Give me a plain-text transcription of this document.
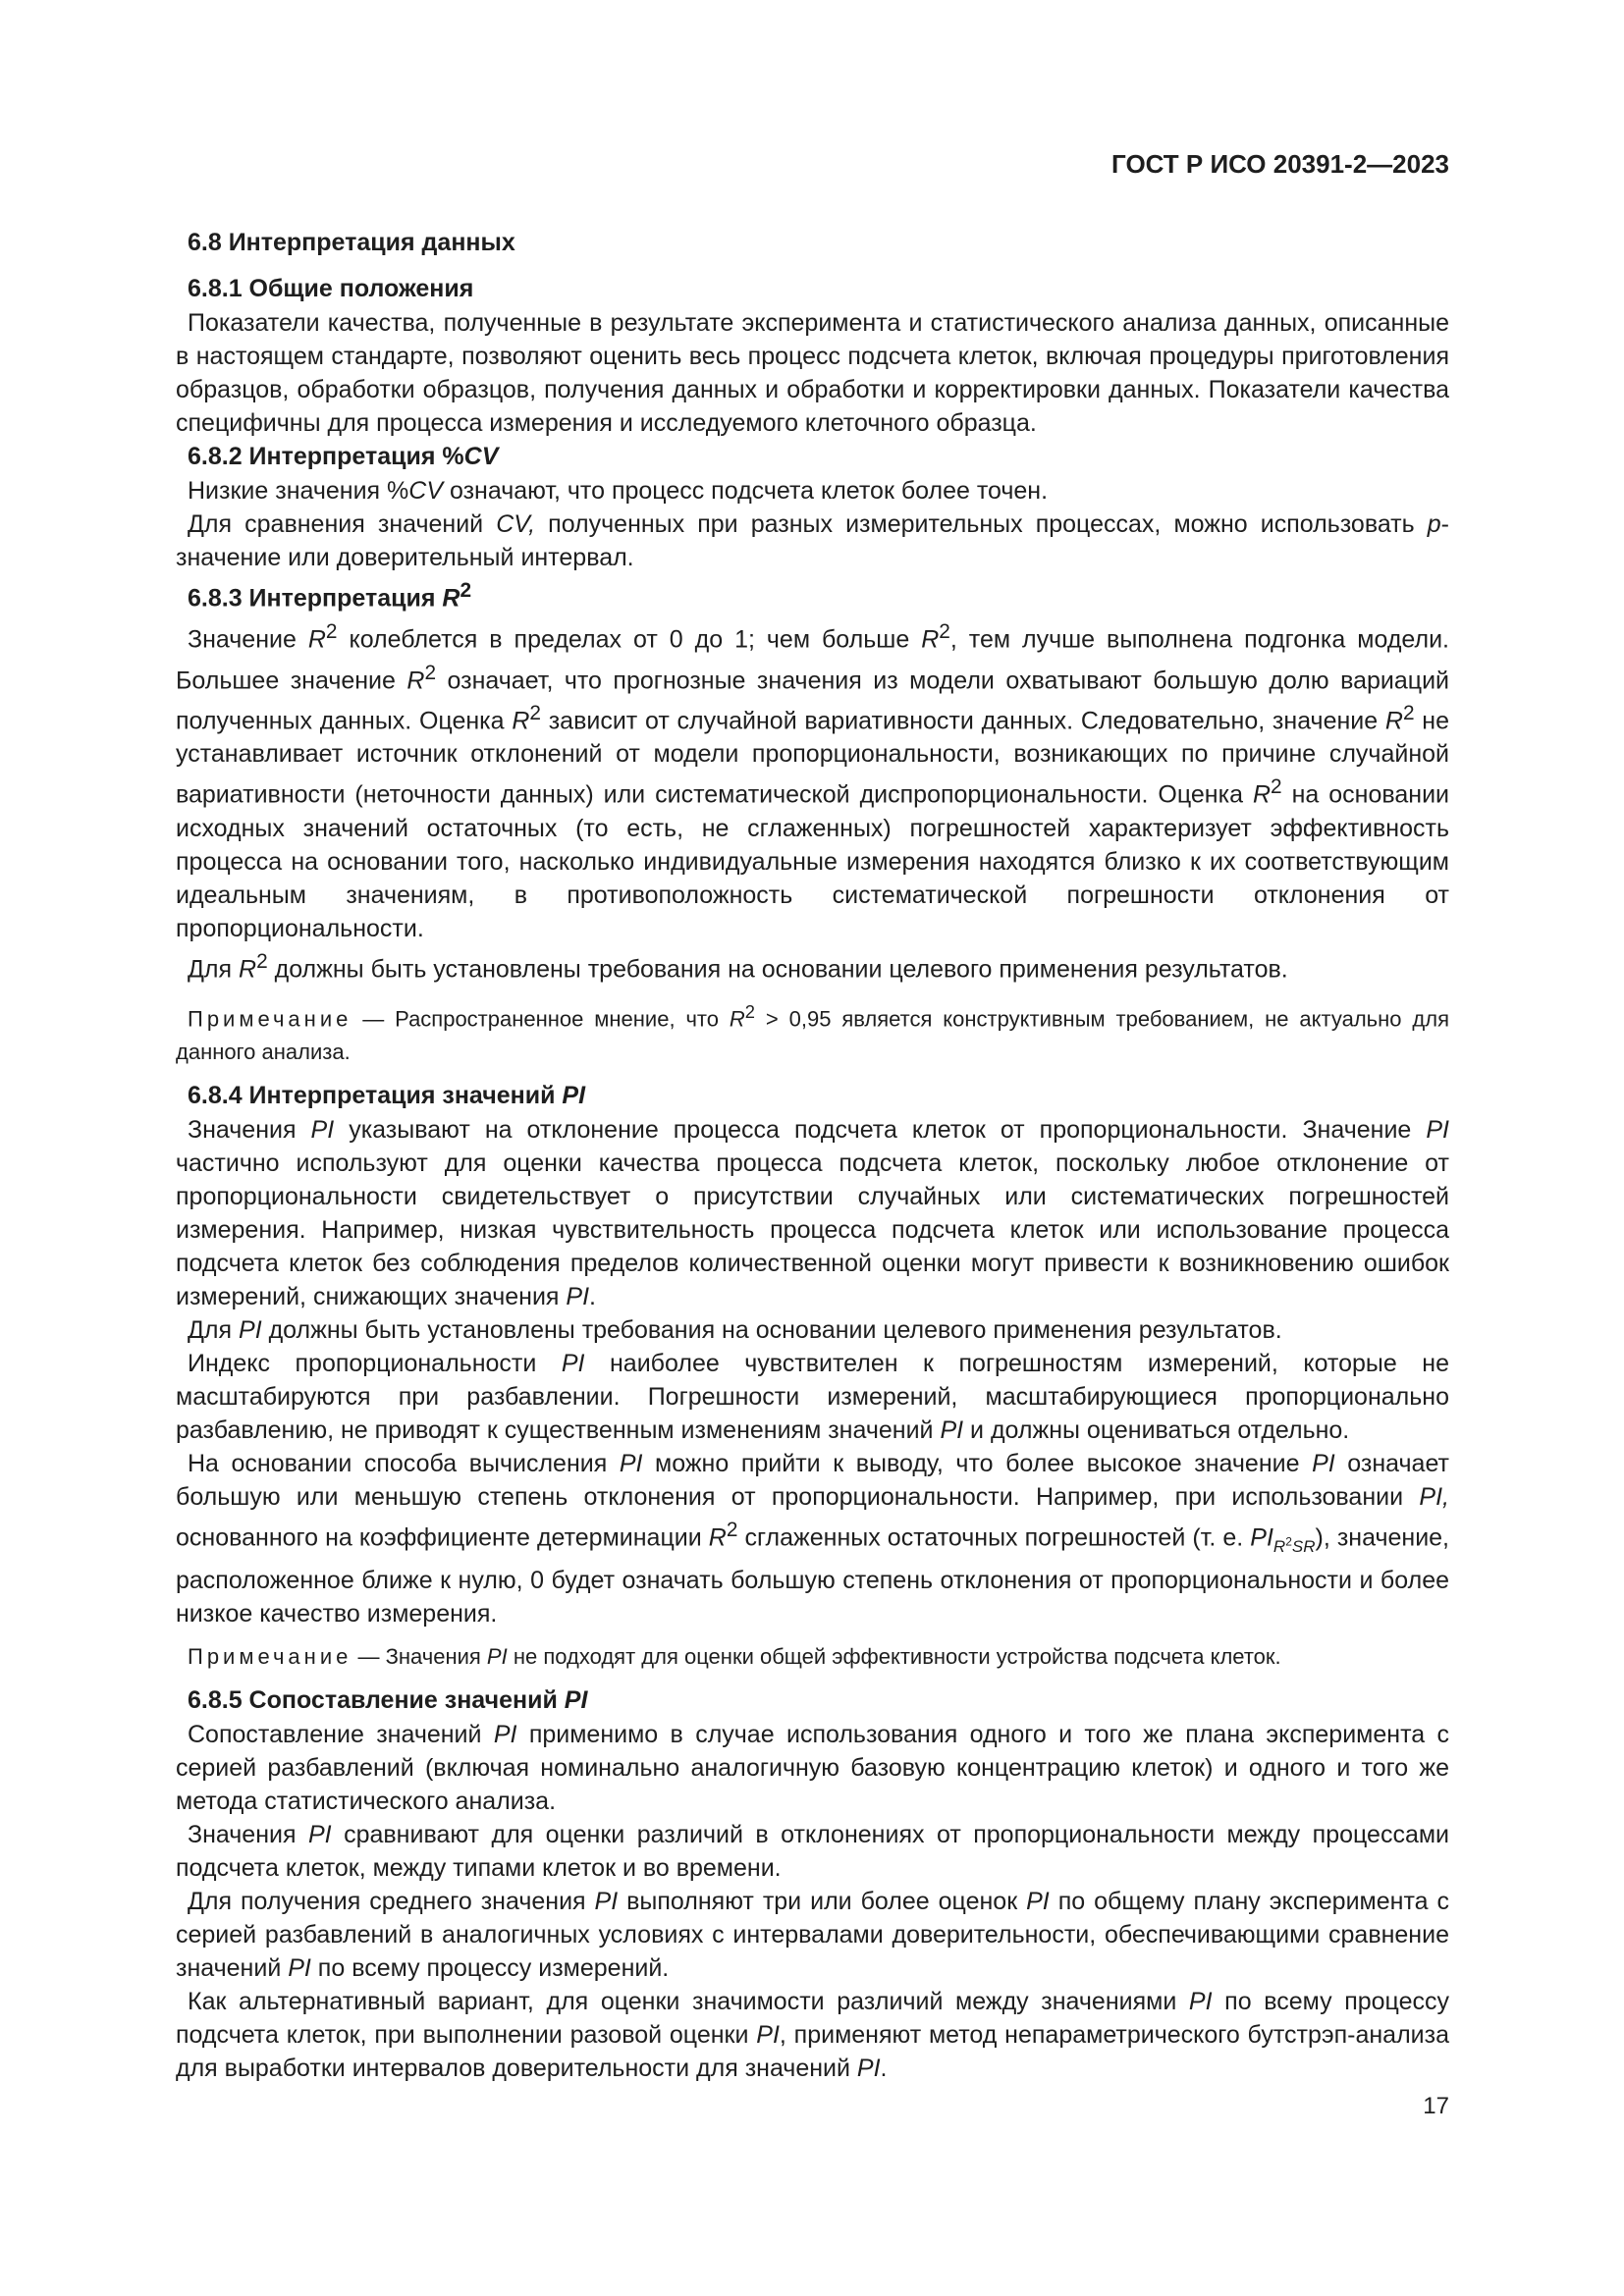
ГОСТ Р ИСО 20391-2—2023
6.8 Интерпретация данных
6.8.1 Общие положения

Показатели качества, полученные в результате эксперимента и статистического анализа данных, описанные в настоящем стандарте, позволяют оценить весь процесс подсчета клеток, включая процедуры приготовления образцов, обработки образцов, получения данных и обработки и корректировки данных. Показатели качества специфичны для процесса измерения и исследуемого клеточного образца.

6.8.2 Интерпретация %CV

Низкие значения %CV означают, что процесс подсчета клеток более точен.

Для сравнения значений CV, полученных при разных измерительных процессах, можно использовать р-значение или доверительный интервал.

6.8.3 Интерпретация $R^2$

Значение $R^2$ колеблется в пределах от 0 до 1; чем больше $R^2$, тем лучше выполнена подгонка модели. Большее значение $R^2$ означает, что прогнозные значения из модели охватывают большую долю вариаций полученных данных. Оценка $R^2$ зависит от случайной вариативности данных. Следовательно, значение $R^2$ не устанавливает источник отклонений от модели пропорциональности, возникающих по причине случайной вариативности (неточности данных) или систематической диспропорциональности. Оценка $R^2$ на основании исходных значений остаточных (то есть, не сглаженных) погрешностей характеризует эффективность процесса на основании того, насколько индивидуальные измерения находятся близко к их соответствующим идеальным значениям, в противоположность систематической погрешности отклонения от пропорциональности.

Для $R^2$ должны быть установлены требования на основании целевого применения результатов.

Примечание — Распространенное мнение, что $R^2 > 0,95$ является конструктивным требованием, не актуально для данного анализа.

6.8.4 Интерпретация значений PI

Значения PI указывают на отклонение процесса подсчета клеток от пропорциональности. Значение PI частично используют для оценки качества процесса подсчета клеток, поскольку любое отклонение от пропорциональности свидетельствует о присутствии случайных или систематических погрешностей измерения. Например, низкая чувствительность процесса подсчета клеток или использование процесса подсчета клеток без соблюдения пределов количественной оценки могут привести к возникновению ошибок измерений, снижающих значения PI.

Для PI должны быть установлены требования на основании целевого применения результатов.

Индекс пропорциональности PI наиболее чувствителен к погрешностям измерений, которые не масштабируются при разбавлении. Погрешности измерений, масштабирующиеся пропорционально разбавлению, не приводят к существенным изменениям значений PI и должны оцениваться отдельно.

На основании способа вычисления PI можно прийти к выводу, что более высокое значение PI означает большую или меньшую степень отклонения от пропорциональности. Например, при использовании PI, основанного на коэффициенте детерминации $R^2$ сглаженных остаточных погрешностей (т. е. $PI_{R^2SR}$), значение, расположенное ближе к нулю, 0 будет означать большую степень отклонения от пропорциональности и более низкое качество измерения.

Примечание — Значения PI не подходят для оценки общей эффективности устройства подсчета клеток.

6.8.5 Сопоставление значений PI

Сопоставление значений PI применимо в случае использования одного и того же плана эксперимента с серией разбавлений (включая номинально аналогичную базовую концентрацию клеток) и одного и того же метода статистического анализа.

Значения PI сравнивают для оценки различий в отклонениях от пропорциональности между процессами подсчета клеток, между типами клеток и во времени.

Для получения среднего значения PI выполняют три или более оценок PI по общему плану эксперимента с серией разбавлений в аналогичных условиях с интервалами доверительности, обеспечивающими сравнение значений PI по всему процессу измерений.

Как альтернативный вариант, для оценки значимости различий между значениями PI по всему процессу подсчета клеток, при выполнении разовой оценки PI, применяют метод непараметрического бутстрэп-анализа для выработки интервалов доверительности для значений PI.

17
